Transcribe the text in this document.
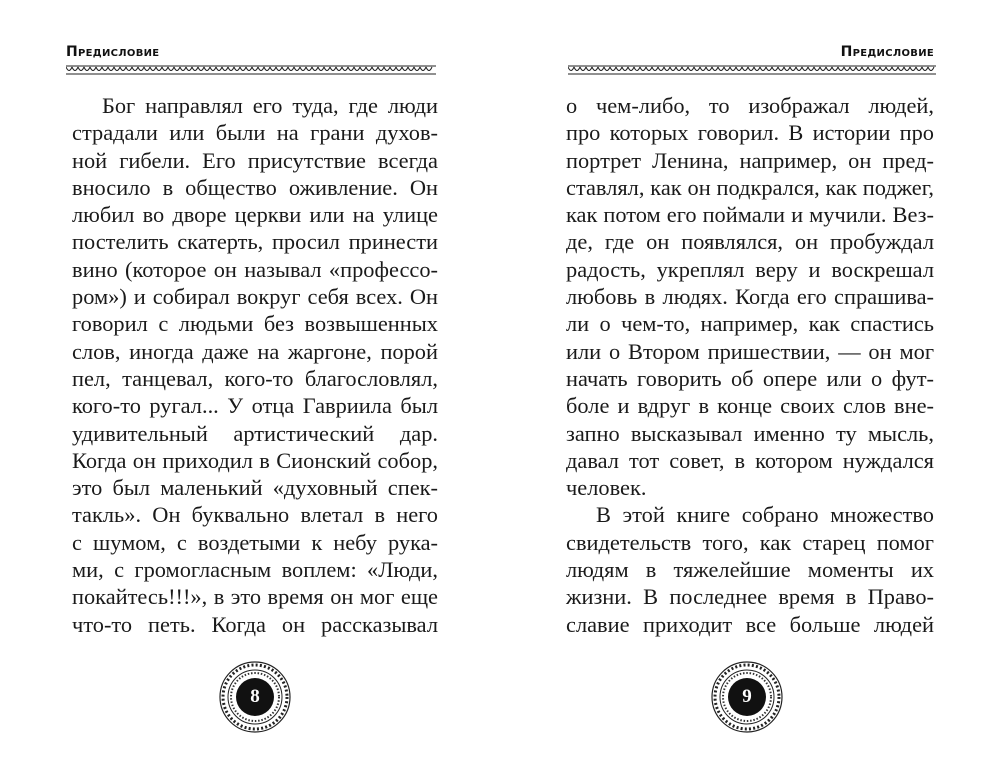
Предисловие
Бог направлял его туда, где люди
страдали или были на грани духов-
ной гибели. Его присутствие всегда
вносило в общество оживление. Он
любил во дворе церкви или на улице
постелить скатерть, просил принести
вино (которое он называл «профессо-
ром») и собирал вокруг себя всех. Он
говорил с людьми без возвышенных
слов, иногда даже на жаргоне, порой
пел, танцевал, кого-то благословлял,
кого-то ругал... У отца Гавриила был
удивительный артистический дар.
Когда он приходил в Сионский собор,
это был маленький «духовный спек-
такль». Он буквально влетал в него
с шумом, с воздетыми к небу рука-
ми, с громогласным воплем: «Люди,
покайтесь!!!», в это время он мог еще
что-то петь. Когда он рассказывал
8
Предисловие
о чем-либо, то изображал людей,
про которых говорил. В истории про
портрет Ленина, например, он пред-
ставлял, как он подкрался, как поджег,
как потом его поймали и мучили. Вез-
де, где он появлялся, он пробуждал
радость, укреплял веру и воскрешал
любовь в людях. Когда его спрашива-
ли о чем-то, например, как спастись
или о Втором пришествии, — он мог
начать говорить об опере или о фут-
боле и вдруг в конце своих слов вне-
запно высказывал именно ту мысль,
давал тот совет, в котором нуждался
человек.
В этой книге собрано множество
свидетельств того, как старец помог
людям в тяжелейшие моменты их
жизни. В последнее время в Право-
славие приходит все больше людей
9
